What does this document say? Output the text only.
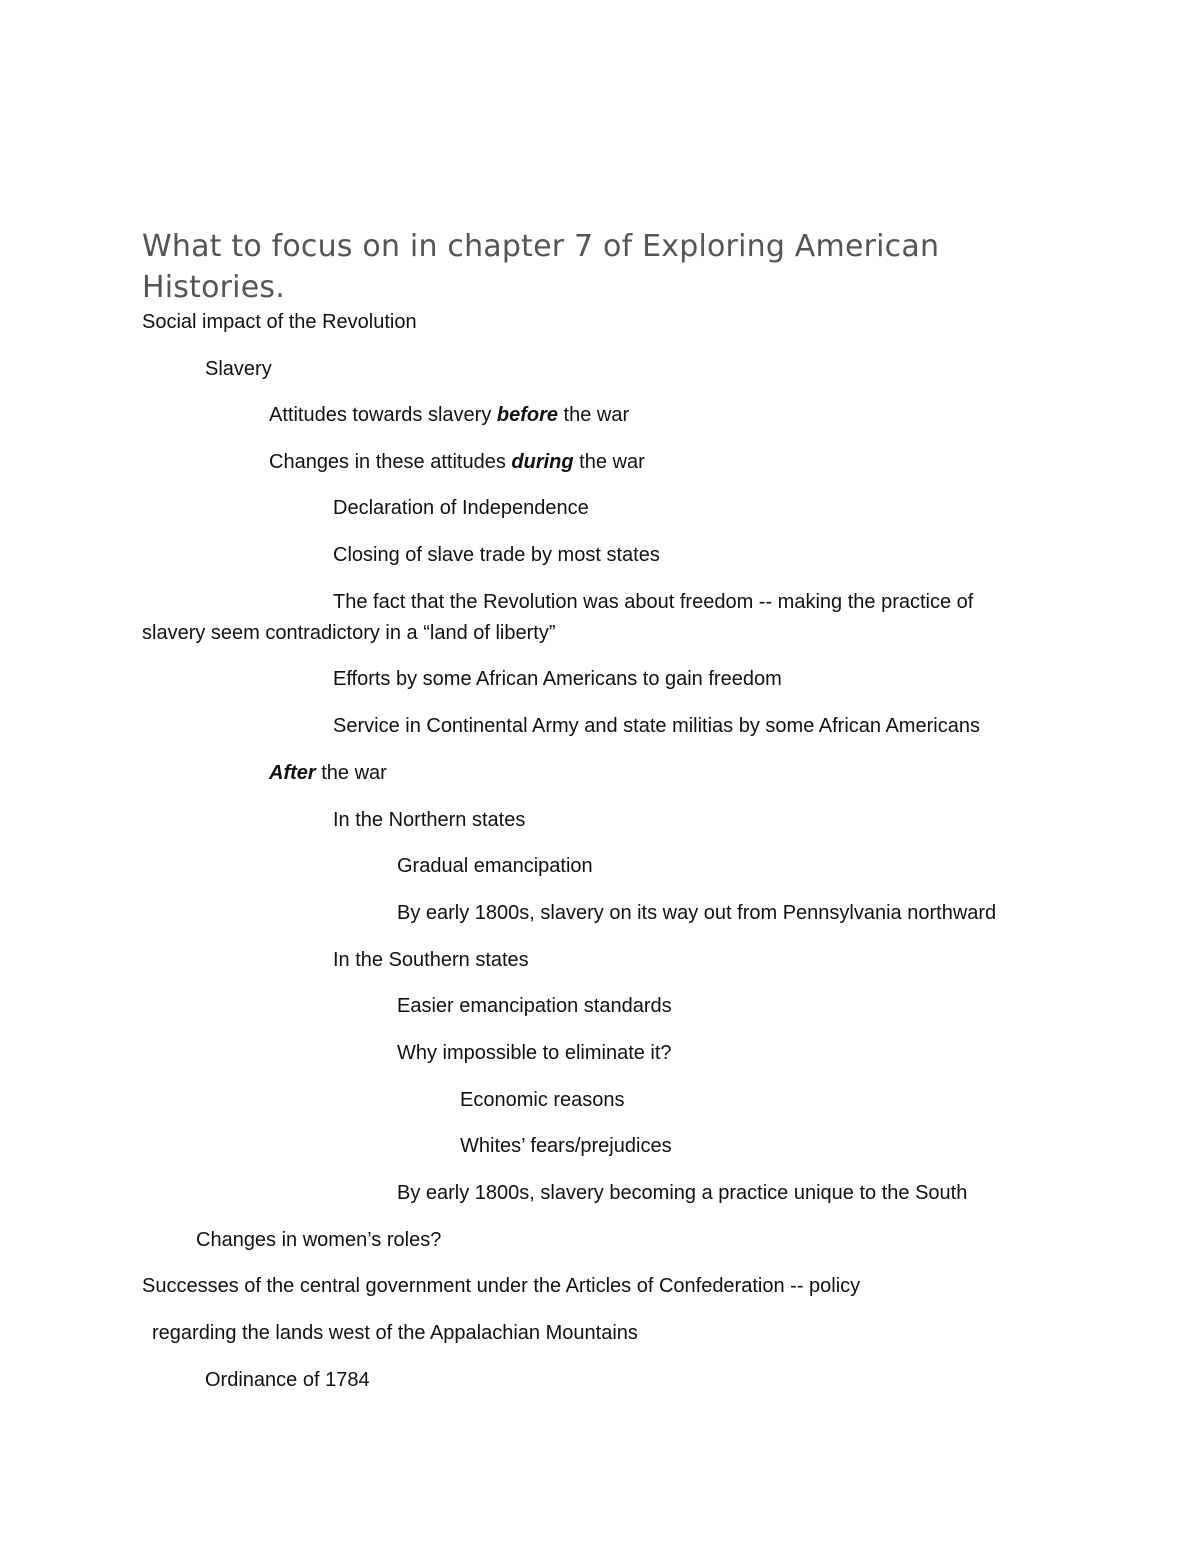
What to focus on in chapter 7 of Exploring American Histories.
Social impact of the Revolution
Slavery
Attitudes towards slavery before the war
Changes in these attitudes during the war
Declaration of Independence
Closing of slave trade by most states
The fact that the Revolution was about freedom -- making the practice of
slavery seem contradictory in a “land of liberty”
Efforts by some African Americans to gain freedom
Service in Continental Army and state militias by some African Americans
After the war
In the Northern states
Gradual emancipation
By early 1800s, slavery on its way out from Pennsylvania northward
In the Southern states
Easier emancipation standards
Why impossible to eliminate it?
Economic reasons
Whites’ fears/prejudices
By early 1800s, slavery becoming a practice unique to the South
Changes in women’s roles?
Successes of the central government under the Articles of Confederation -- policy
regarding the lands west of the Appalachian Mountains
Ordinance of 1784
